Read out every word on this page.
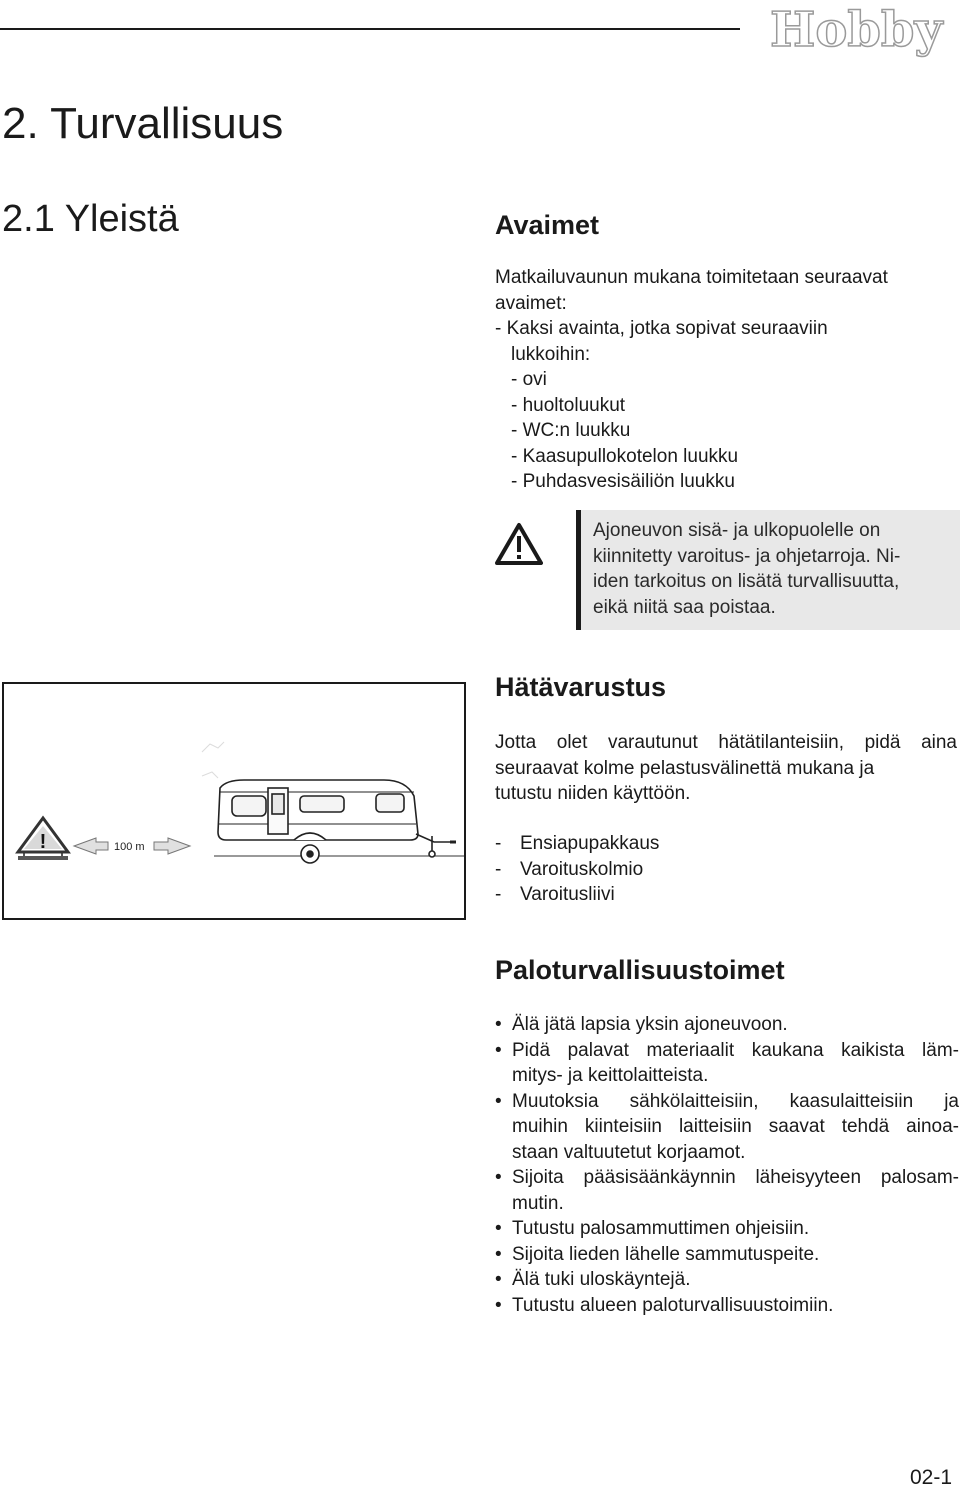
Hobby
2. Turvallisuus
2.1 Yleistä	Avaimet
Matkailuvaunun mukana toimitetaan seuraavat
avaimet:
- Kaksi avainta, jotka sopivat seuraaviin
lukkoihin:
- ovi
- huoltoluukut
- WC:n luukku
- Kaasupullokotelon luukku
- Puhdasvesisäiliön luukku
Ajoneuvon sisä- ja ulkopuolelle on
kiinnitetty varoitus- ja ohjetarroja. Ni-
iden tarkoitus on lisätä turvallisuutta,
eikä niitä saa poistaa.
!	100 m
Hätävarustus
Jotta olet varautunut hätätilanteisiin, pidä aina
seuraavat kolme pelastusvälinettä mukana ja
tutustu niiden käyttöön.
- Ensiapupakkaus
- Varoituskolmio
- Varoitusliivi
Paloturvallisuustoimet
• Älä jätä lapsia yksin ajoneuvoon.
• Pidä palavat materiaalit kaukana kaikista läm-
mitys- ja keittolaitteista.
• Muutoksia sähkölaitteisiin, kaasulaitteisiin ja
muihin kiinteisiin laitteisiin saavat tehdä ainoa-
staan valtuutetut korjaamot.
• Sijoita pääsisäänkäynnin läheisyyteen palosam-
mutin.
• Tutustu palosammuttimen ohjeisiin.
• Sijoita lieden lähelle sammutuspeite.
• Älä tuki uloskäyntejä.
• Tutustu alueen paloturvallisuustoimiin.
02-1
